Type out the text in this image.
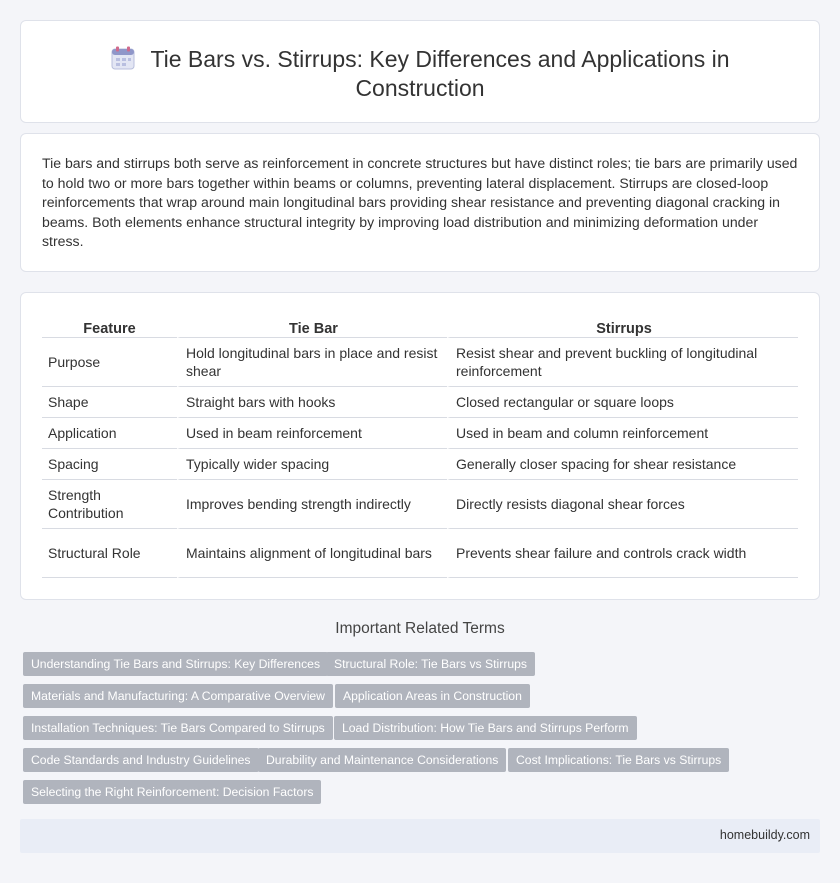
Tie Bars vs. Stirrups: Key Differences and Applications in Construction

Tie bars and stirrups both serve as reinforcement in concrete structures but have distinct roles; tie bars are primarily used to hold two or more bars together within beams or columns, preventing lateral displacement. Stirrups are closed-loop reinforcements that wrap around main longitudinal bars providing shear resistance and preventing diagonal cracking in beams. Both elements enhance structural integrity by improving load distribution and minimizing deformation under stress.

Feature	Tie Bar	Stirrups
Purpose	Hold longitudinal bars in place and resist shear	Resist shear and prevent buckling of longitudinal reinforcement
Shape	Straight bars with hooks	Closed rectangular or square loops
Application	Used in beam reinforcement	Used in beam and column reinforcement
Spacing	Typically wider spacing	Generally closer spacing for shear resistance
Strength Contribution	Improves bending strength indirectly	Directly resists diagonal shear forces
Structural Role	Maintains alignment of longitudinal bars	Prevents shear failure and controls crack width
Important Related Terms
Understanding Tie Bars and Stirrups: Key Differences	Structural Role: Tie Bars vs Stirrups
Materials and Manufacturing: A Comparative Overview	Application Areas in Construction
Installation Techniques: Tie Bars Compared to Stirrups	Load Distribution: How Tie Bars and Stirrups Perform
Code Standards and Industry Guidelines	Durability and Maintenance Considerations	Cost Implications: Tie Bars vs Stirrups
Selecting the Right Reinforcement: Decision Factors
homebuildy.com
